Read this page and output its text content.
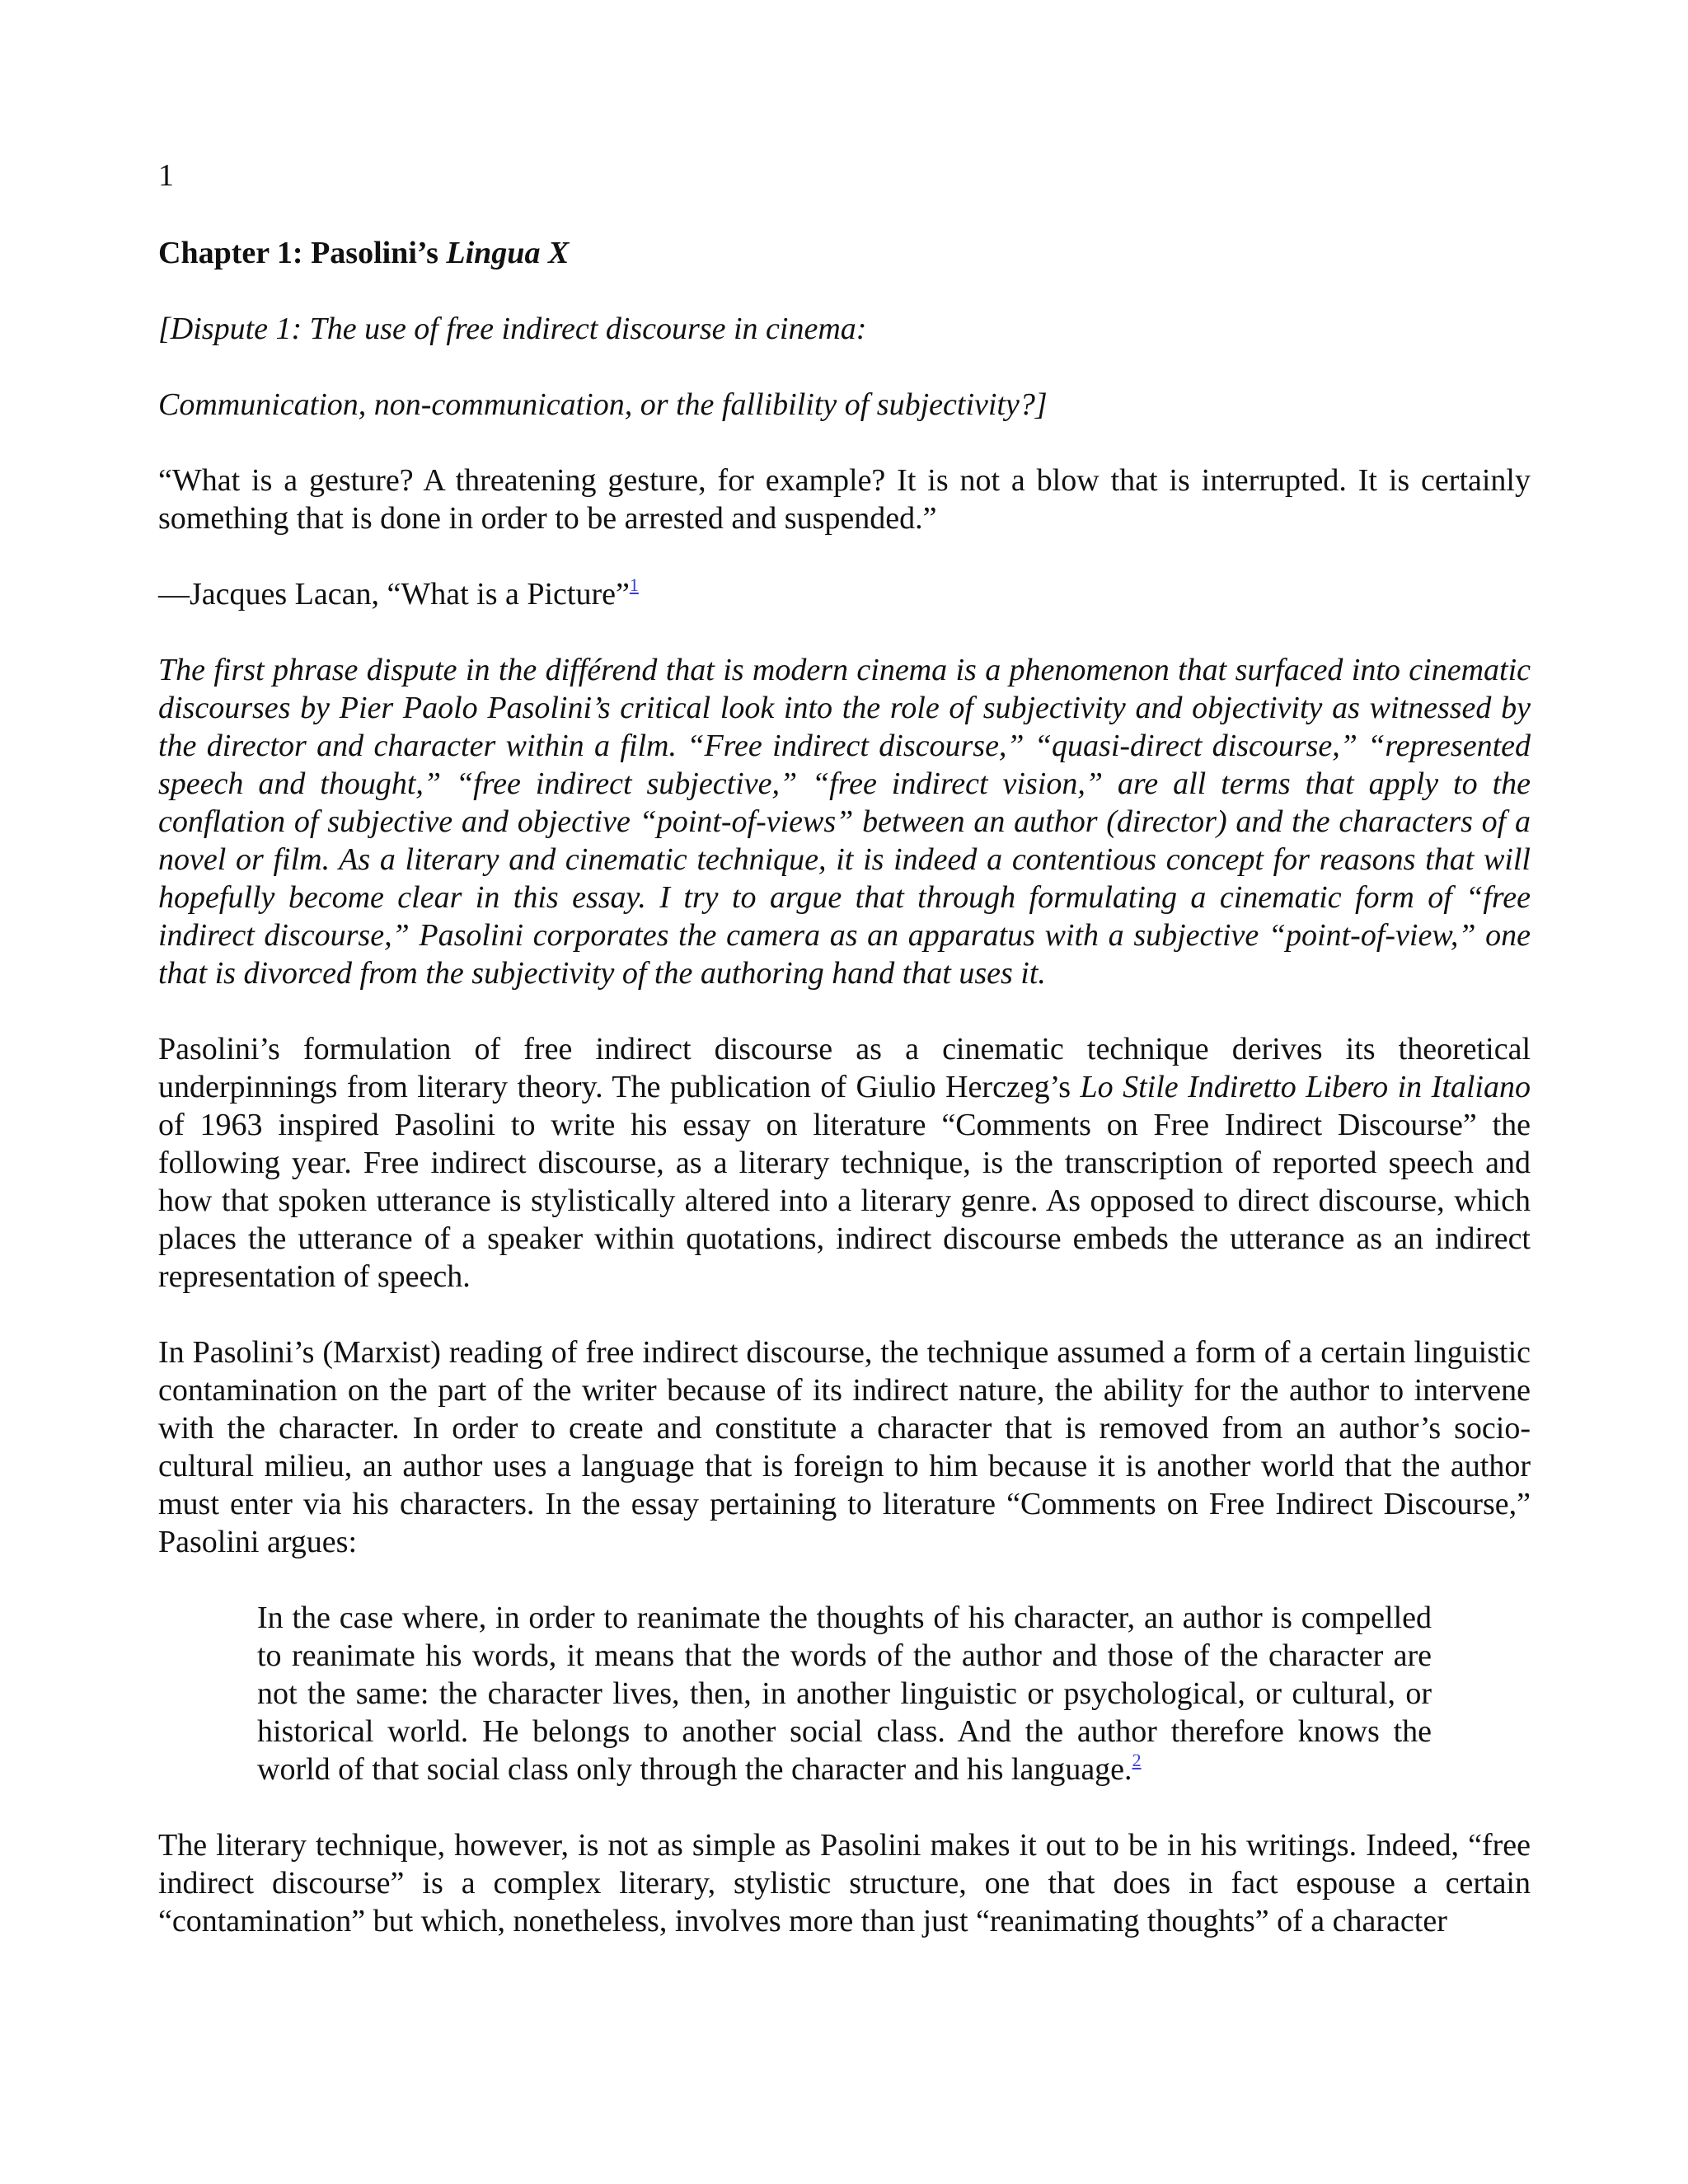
1
Chapter 1: Pasolini’s Lingua X
[Dispute 1: The use of free indirect discourse in cinema:
Communication, non-communication, or the fallibility of subjectivity?]
“What is a gesture? A threatening gesture, for example? It is not a blow that is interrupted. It is certainly something that is done in order to be arrested and suspended.”
—Jacques Lacan, “What is a Picture”$^1$
The first phrase dispute in the différend that is modern cinema is a phenomenon that surfaced into cinematic discourses by Pier Paolo Pasolini’s critical look into the role of subjectivity and objectivity as witnessed by the director and character within a film. “Free indirect discourse,” “quasi-direct discourse,” “represented speech and thought,” “free indirect subjective,” “free indirect vision,” are all terms that apply to the conflation of subjective and objective “point-of-views” between an author (director) and the characters of a novel or film. As a literary and cinematic technique, it is indeed a contentious concept for reasons that will hopefully become clear in this essay. I try to argue that through formulating a cinematic form of “free indirect discourse,” Pasolini corporates the camera as an apparatus with a subjective “point-of-view,” one that is divorced from the subjectivity of the authoring hand that uses it.
Pasolini’s formulation of free indirect discourse as a cinematic technique derives its theoretical underpinnings from literary theory. The publication of Giulio Herczeg’s Lo Stile Indiretto Libero in Italiano of 1963 inspired Pasolini to write his essay on literature “Comments on Free Indirect Discourse” the following year. Free indirect discourse, as a literary technique, is the transcription of reported speech and how that spoken utterance is stylistically altered into a literary genre. As opposed to direct discourse, which places the utterance of a speaker within quotations, indirect discourse embeds the utterance as an indirect representation of speech.
In Pasolini’s (Marxist) reading of free indirect discourse, the technique assumed a form of a certain linguistic contamination on the part of the writer because of its indirect nature, the ability for the author to intervene with the character. In order to create and constitute a character that is removed from an author’s socio-cultural milieu, an author uses a language that is foreign to him because it is another world that the author must enter via his characters. In the essay pertaining to literature “Comments on Free Indirect Discourse,” Pasolini argues:
In the case where, in order to reanimate the thoughts of his character, an author is compelled to reanimate his words, it means that the words of the author and those of the character are not the same: the character lives, then, in another linguistic or psychological, or cultural, or historical world. He belongs to another social class. And the author therefore knows the world of that social class only through the character and his language.$^2$
The literary technique, however, is not as simple as Pasolini makes it out to be in his writings. Indeed, “free indirect discourse” is a complex literary, stylistic structure, one that does in fact espouse a certain “contamination” but which, nonetheless, involves more than just “reanimating thoughts” of a character
